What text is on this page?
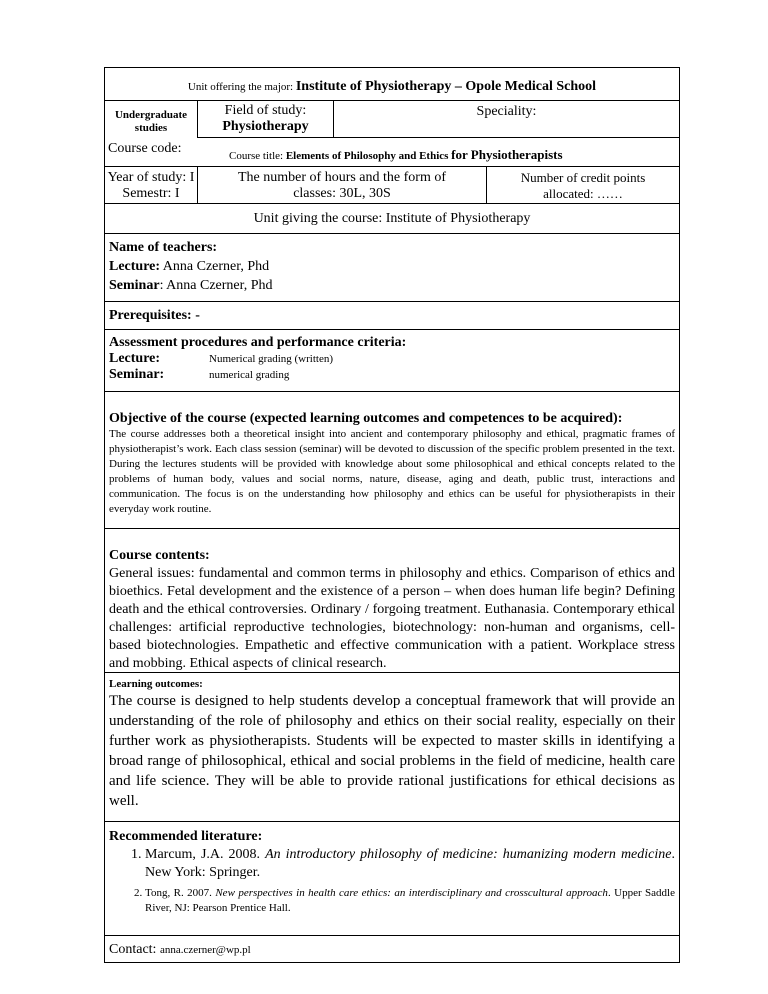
Unit offering the major: Institute of Physiotherapy – Opole Medical School
Undergraduate studies
Course code:
Field of study:
Physiotherapy
Speciality:
Course title: Elements of Philosophy and Ethics for Physiotherapists
Year of study: I
Semestr: I
The number of hours and the form of
classes: 30L, 30S
Number of credit points
allocated: ……
Unit giving the course: Institute of Physiotherapy
Name of teachers:
Lecture: Anna Czerner, Phd
Seminar: Anna Czerner, Phd
Prerequisites: -
Assessment procedures and performance criteria:
Lecture:	Numerical grading (written)
Seminar:	numerical grading
Objective of the course (expected learning outcomes and competences to be acquired):

The course addresses both a theoretical insight into ancient and contemporary philosophy and ethical, pragmatic frames of physiotherapist’s work. Each class session (seminar) will be devoted to discussion of the specific problem presented in the text. During the lectures students will be provided with knowledge about some philosophical and ethical concepts related to the problems of human body, values and social norms, nature, disease, aging and death, public trust, interactions and communication. The focus is on the understanding how philosophy and ethics can be useful for physiotherapists in their everyday work routine.

Course contents:

General issues: fundamental and common terms in philosophy and ethics. Comparison of ethics and bioethics. Fetal development and the existence of a person – when does human life begin? Defining death and the ethical controversies. Ordinary / forgoing treatment. Euthanasia. Contemporary ethical challenges: artificial reproductive technologies, biotechnology: non-human and organisms, cell-based biotechnologies. Empathetic and effective communication with a patient. Workplace stress and mobbing. Ethical aspects of clinical research.

Learning outcomes:

The course is designed to help students develop a conceptual framework that will provide an understanding of the role of philosophy and ethics on their social reality, especially on their further work as physiotherapists. Students will be expected to master skills in identifying a broad range of philosophical, ethical and social problems in the field of medicine, health care and life science. They will be able to provide rational justifications for ethical decisions as well.

Recommended literature:
1. Marcum, J.A. 2008. An introductory philosophy of medicine: humanizing modern medicine. New York: Springer.
2. Tong, R. 2007. New perspectives in health care ethics: an interdisciplinary and crosscultural approach. Upper Saddle River, NJ: Pearson Prentice Hall.
Contact: anna.czerner@wp.pl
